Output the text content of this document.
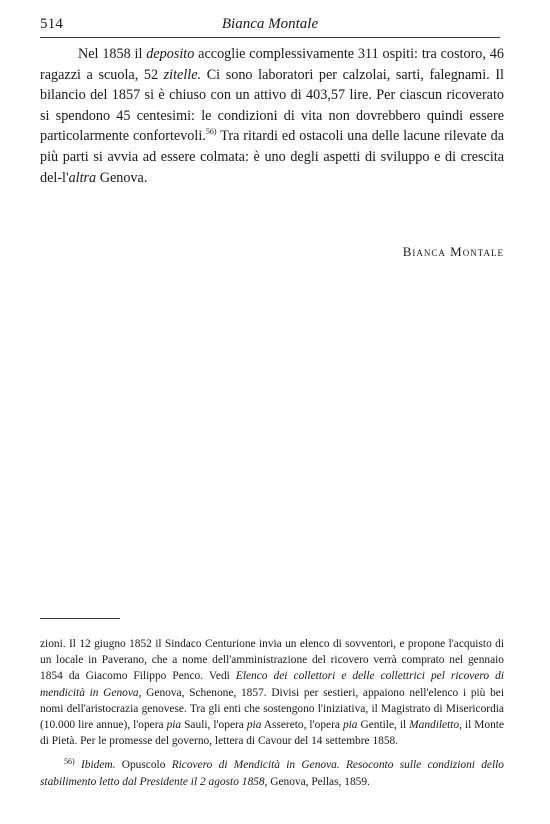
514	Bianca Montale

Nel 1858 il deposito accoglie complessivamente 311 ospiti: tra costoro, 46 ragazzi a scuola, 52 zitelle. Ci sono laboratori per calzolai, sarti, falegnami. Il bilancio del 1857 si è chiuso con un attivo di 403,57 lire. Per ciascun ricoverato si spendono 45 centesimi: le condizioni di vita non dovrebbero quindi essere particolarmente confortevoli.$^{56)}$ Tra ritardi ed ostacoli una delle lacune rilevate da più parti si avvia ad essere colmata: è uno degli aspetti di sviluppo e di crescita del-l'altra Genova.

Bianca Montale

zioni. Il 12 giugno 1852 il Sindaco Centurione invia un elenco di sovventori, e propone l'acquisto di un locale in Paverano, che a nome dell'amministrazione del ricovero verrà comprato nel gennaio 1854 da Giacomo Filippo Penco. Vedi Elenco dei collettori e delle collettrici pel ricovero di mendicità in Genova, Genova, Schenone, 1857. Divisi per sestieri, appaiono nell'elenco i più bei nomi dell'aristocrazia genovese. Tra gli enti che sostengono l'iniziativa, il Magistrato di Misericordia (10.000 lire annue), l'opera pia Sauli, l'opera pia Assereto, l'opera pia Gentile, il Mandiletto, il Monte di Pietà. Per le promesse del governo, lettera di Cavour del 14 settembre 1858.

$^{56)}$ Ibidem. Opuscolo Ricovero di Mendicità in Genova. Resoconto sulle condizioni dello stabilimento letto dal Presidente il 2 agosto 1858, Genova, Pellas, 1859.
